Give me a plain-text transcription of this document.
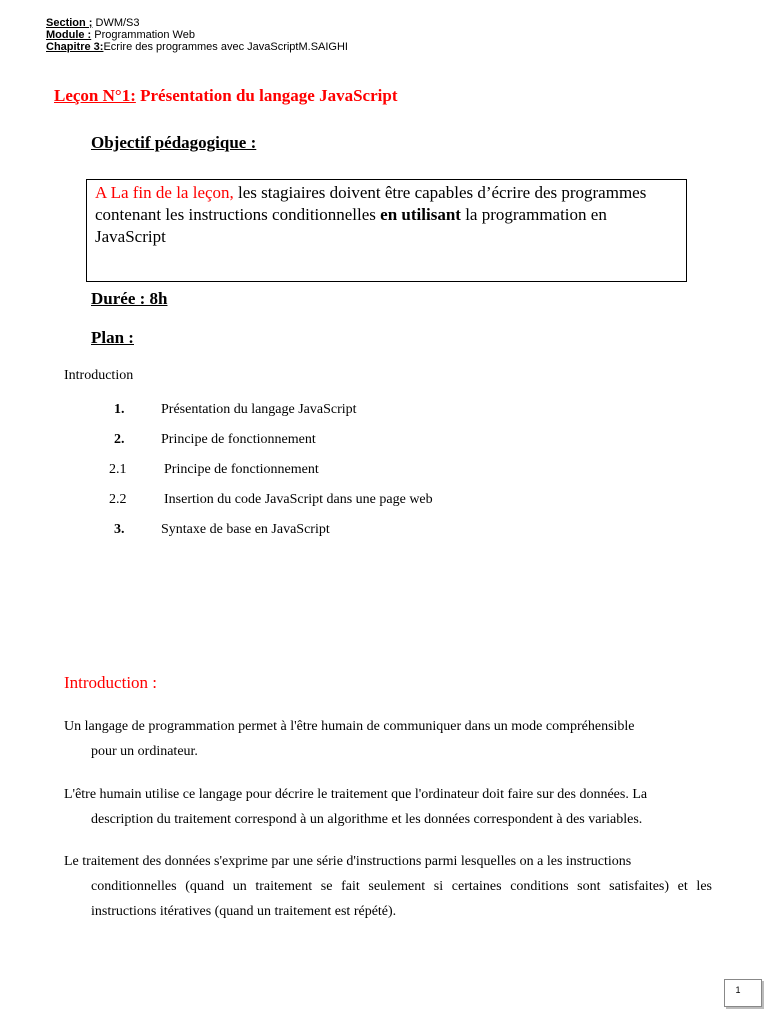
Section ; DWM/S3
Module : Programmation Web
Chapitre 3:Ecrire des programmes avec JavaScriptM.SAIGHI
Leçon N°1: Présentation du langage JavaScript
Objectif pédagogique :
A La fin de la leçon, les stagiaires doivent être capables d’écrire des programmes contenant les instructions conditionnelles en utilisant la programmation en JavaScript
Durée : 8h
Plan :
Introduction
1.	Présentation du langage JavaScript
2.	Principe de fonctionnement
2.1	Principe de fonctionnement
2.2	Insertion du code JavaScript dans une page web
3.	Syntaxe de base en JavaScript
Introduction :
Un langage de programmation permet à l'être humain de communiquer dans un mode compréhensible
pour un ordinateur.
L'être humain utilise ce langage pour décrire le traitement que l'ordinateur doit faire sur des données. La
description du traitement correspond à un algorithme et les données correspondent à des variables.
Le traitement des données s'exprime par une série d'instructions parmi lesquelles on a les instructions
conditionnelles (quand un traitement se fait seulement si certaines conditions sont satisfaites) et les instructions itératives (quand un traitement est répété).
1
